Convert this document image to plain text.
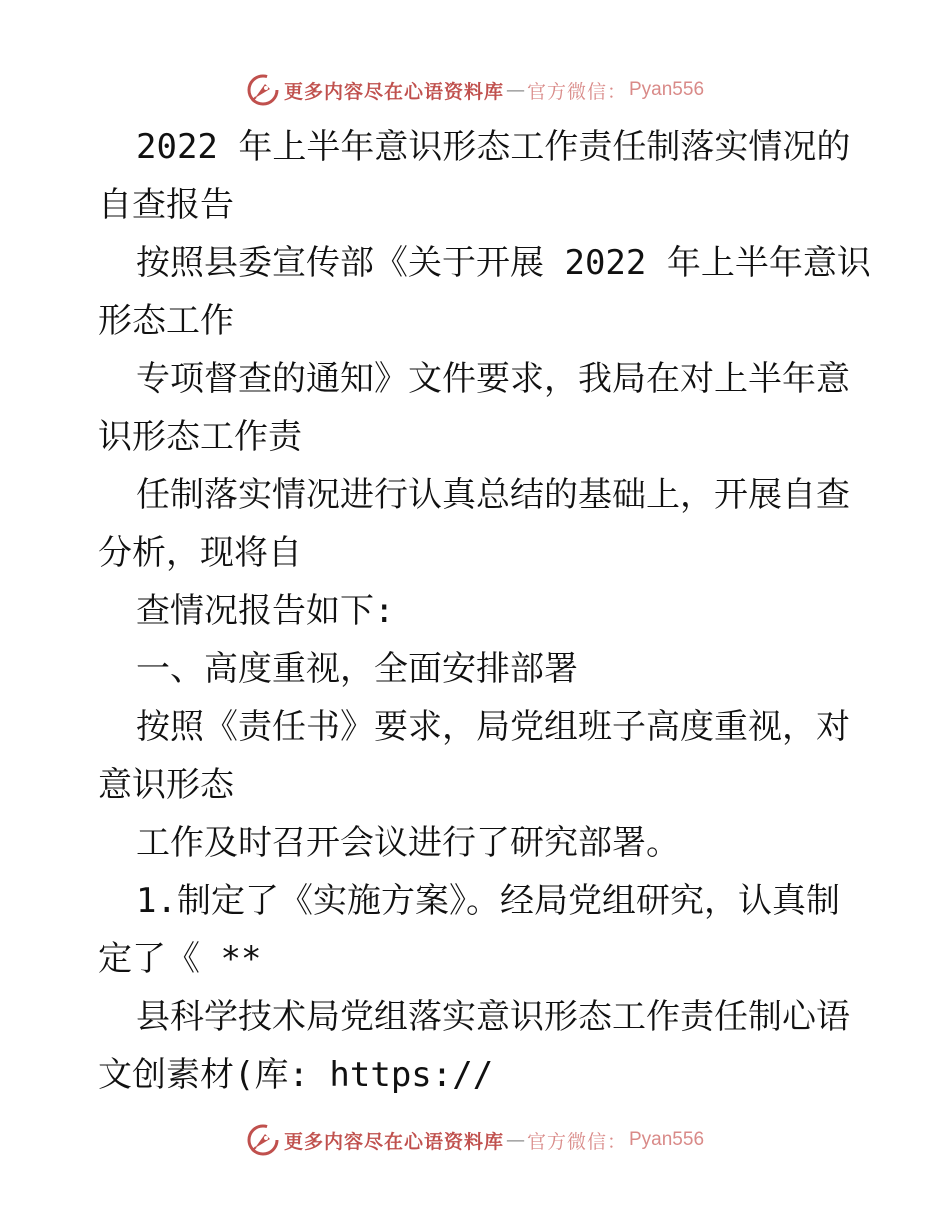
更多内容尽在心语资料库 — 官方微信： Pyan556
2022 年上半年意识形态工作责任制落实情况的
自查报告
按照县委宣传部《关于开展 2022 年上半年意识
形态工作
专项督查的通知》文件要求，我局在对上半年意
识形态工作责
任制落实情况进行认真总结的基础上，开展自查
分析，现将自
查情况报告如下:
一、高度重视，全面安排部署
按照《责任书》要求，局党组班子高度重视，对
意识形态
工作及时召开会议进行了研究部署。
1.制定了《实施方案》。经局党组研究，认真制
定了《 **
县科学技术局党组落实意识形态工作责任制心语
文创素材(库: https://
更多内容尽在心语资料库 — 官方微信： Pyan556
